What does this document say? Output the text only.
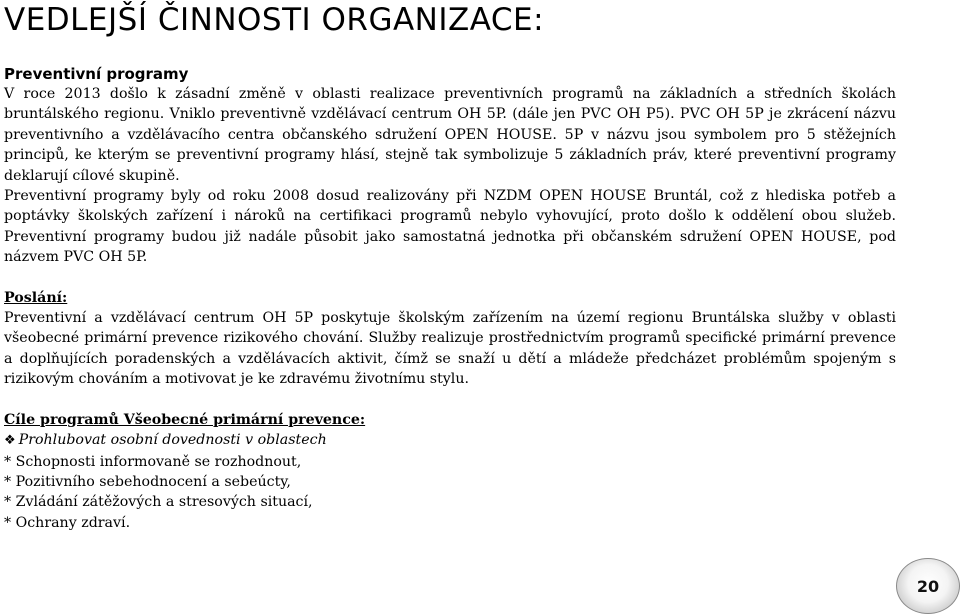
VEDLEJŠÍ ČINNOSTI ORGANIZACE:
Preventivní programy

V roce 2013 došlo k zásadní změně v oblasti realizace preventivních programů na základních a středních školách bruntálského regionu. Vniklo preventivně vzdělávací centrum OH 5P. (dále jen PVC OH P5). PVC OH 5P je zkrácení názvu preventivního a vzdělávacího centra občanského sdružení OPEN HOUSE. 5P v názvu jsou symbolem pro 5 stěžejních principů, ke kterým se preventivní programy hlásí, stejně tak symbolizuje 5 základních práv, které preventivní programy deklarují cílové skupině.

Preventivní programy byly od roku 2008 dosud realizovány při NZDM OPEN HOUSE Bruntál, což z hlediska potřeb a poptávky školských zařízení i nároků na certifikaci programů nebylo vyhovující, proto došlo k oddělení obou služeb. Preventivní programy budou již nadále působit jako samostatná jednotka při občanském sdružení OPEN HOUSE, pod názvem PVC OH 5P.

Poslání:

Preventivní a vzdělávací centrum OH 5P poskytuje školským zařízením na území regionu Bruntálska služby v oblasti všeobecné primární prevence rizikového chování. Služby realizuje prostřednictvím programů specifické primární prevence a doplňujících poradenských a vzdělávacích aktivit, čímž se snaží u dětí a mládeže předcházet problémům spojeným s rizikovým chováním a motivovat je ke zdravému životnímu stylu.

Cíle programů Všeobecné primární prevence:
❖ Prohlubovat osobní dovednosti v oblastech
* Schopnosti informovaně se rozhodnout,
* Pozitivního sebehodnocení a sebeúcty,
* Zvládání zátěžových a stresových situací,
* Ochrany zdraví.
20
